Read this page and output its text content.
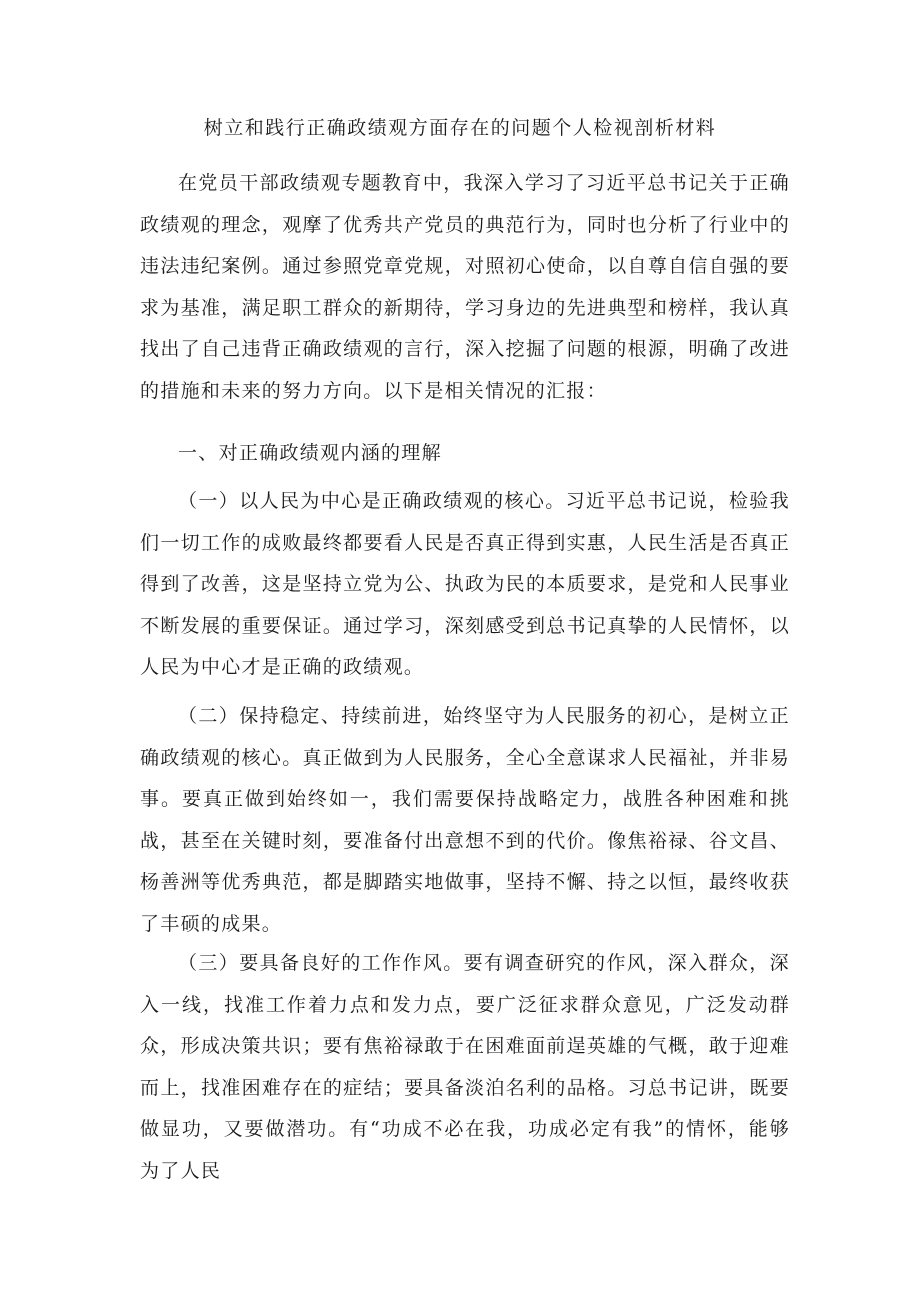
树立和践行正确政绩观方面存在的问题个人检视剖析材料

在党员干部政绩观专题教育中，我深入学习了习近平总书记关于正确政绩观的理念，观摩了优秀共产党员的典范行为，同时也分析了行业中的违法违纪案例。通过参照党章党规，对照初心使命，以自尊自信自强的要求为基准，满足职工群众的新期待，学习身边的先进典型和榜样，我认真找出了自己违背正确政绩观的言行，深入挖掘了问题的根源，明确了改进的措施和未来的努力方向。以下是相关情况的汇报：

一、对正确政绩观内涵的理解

（一）以人民为中心是正确政绩观的核心。习近平总书记说，检验我们一切工作的成败最终都要看人民是否真正得到实惠，人民生活是否真正得到了改善，这是坚持立党为公、执政为民的本质要求，是党和人民事业不断发展的重要保证。通过学习，深刻感受到总书记真挚的人民情怀，以人民为中心才是正确的政绩观。

（二）保持稳定、持续前进，始终坚守为人民服务的初心，是树立正确政绩观的核心。真正做到为人民服务，全心全意谋求人民福祉，并非易事。要真正做到始终如一，我们需要保持战略定力，战胜各种困难和挑战，甚至在关键时刻，要准备付出意想不到的代价。像焦裕禄、谷文昌、杨善洲等优秀典范，都是脚踏实地做事，坚持不懈、持之以恒，最终收获了丰硕的成果。

（三）要具备良好的工作作风。要有调查研究的作风，深入群众，深入一线，找准工作着力点和发力点，要广泛征求群众意见，广泛发动群众，形成决策共识；要有焦裕禄敢于在困难面前逞英雄的气概，敢于迎难而上，找准困难存在的症结；要具备淡泊名利的品格。习总书记讲，既要做显功，又要做潜功。有“功成不必在我，功成必定有我”的情怀，能够为了人民
